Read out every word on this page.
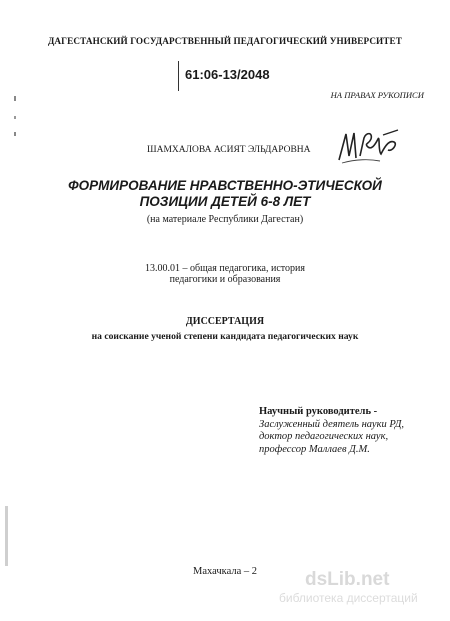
ДАГЕСТАНСКИЙ ГОСУДАРСТВЕННЫЙ ПЕДАГОГИЧЕСКИЙ УНИВЕРСИТЕТ
61:06-13/2048
НА ПРАВАХ РУКОПИСИ
ШАМХАЛОВА АСИЯТ ЭЛЬДАРОВНА
ФОРМИРОВАНИЕ НРАВСТВЕННО-ЭТИЧЕСКОЙ
ПОЗИЦИИ ДЕТЕЙ 6-8 ЛЕТ
(на материале Республики Дагестан)
13.00.01 – общая педагогика, история
педагогики и образования
ДИССЕРТАЦИЯ
на соискание ученой степени кандидата педагогических наук
Научный руководитель -
Заслуженный деятель науки РД,
доктор педагогических наук,
профессор Маллаев Д.М.
Махачкала – 2	dsLib.net
библиотека диссертаций
